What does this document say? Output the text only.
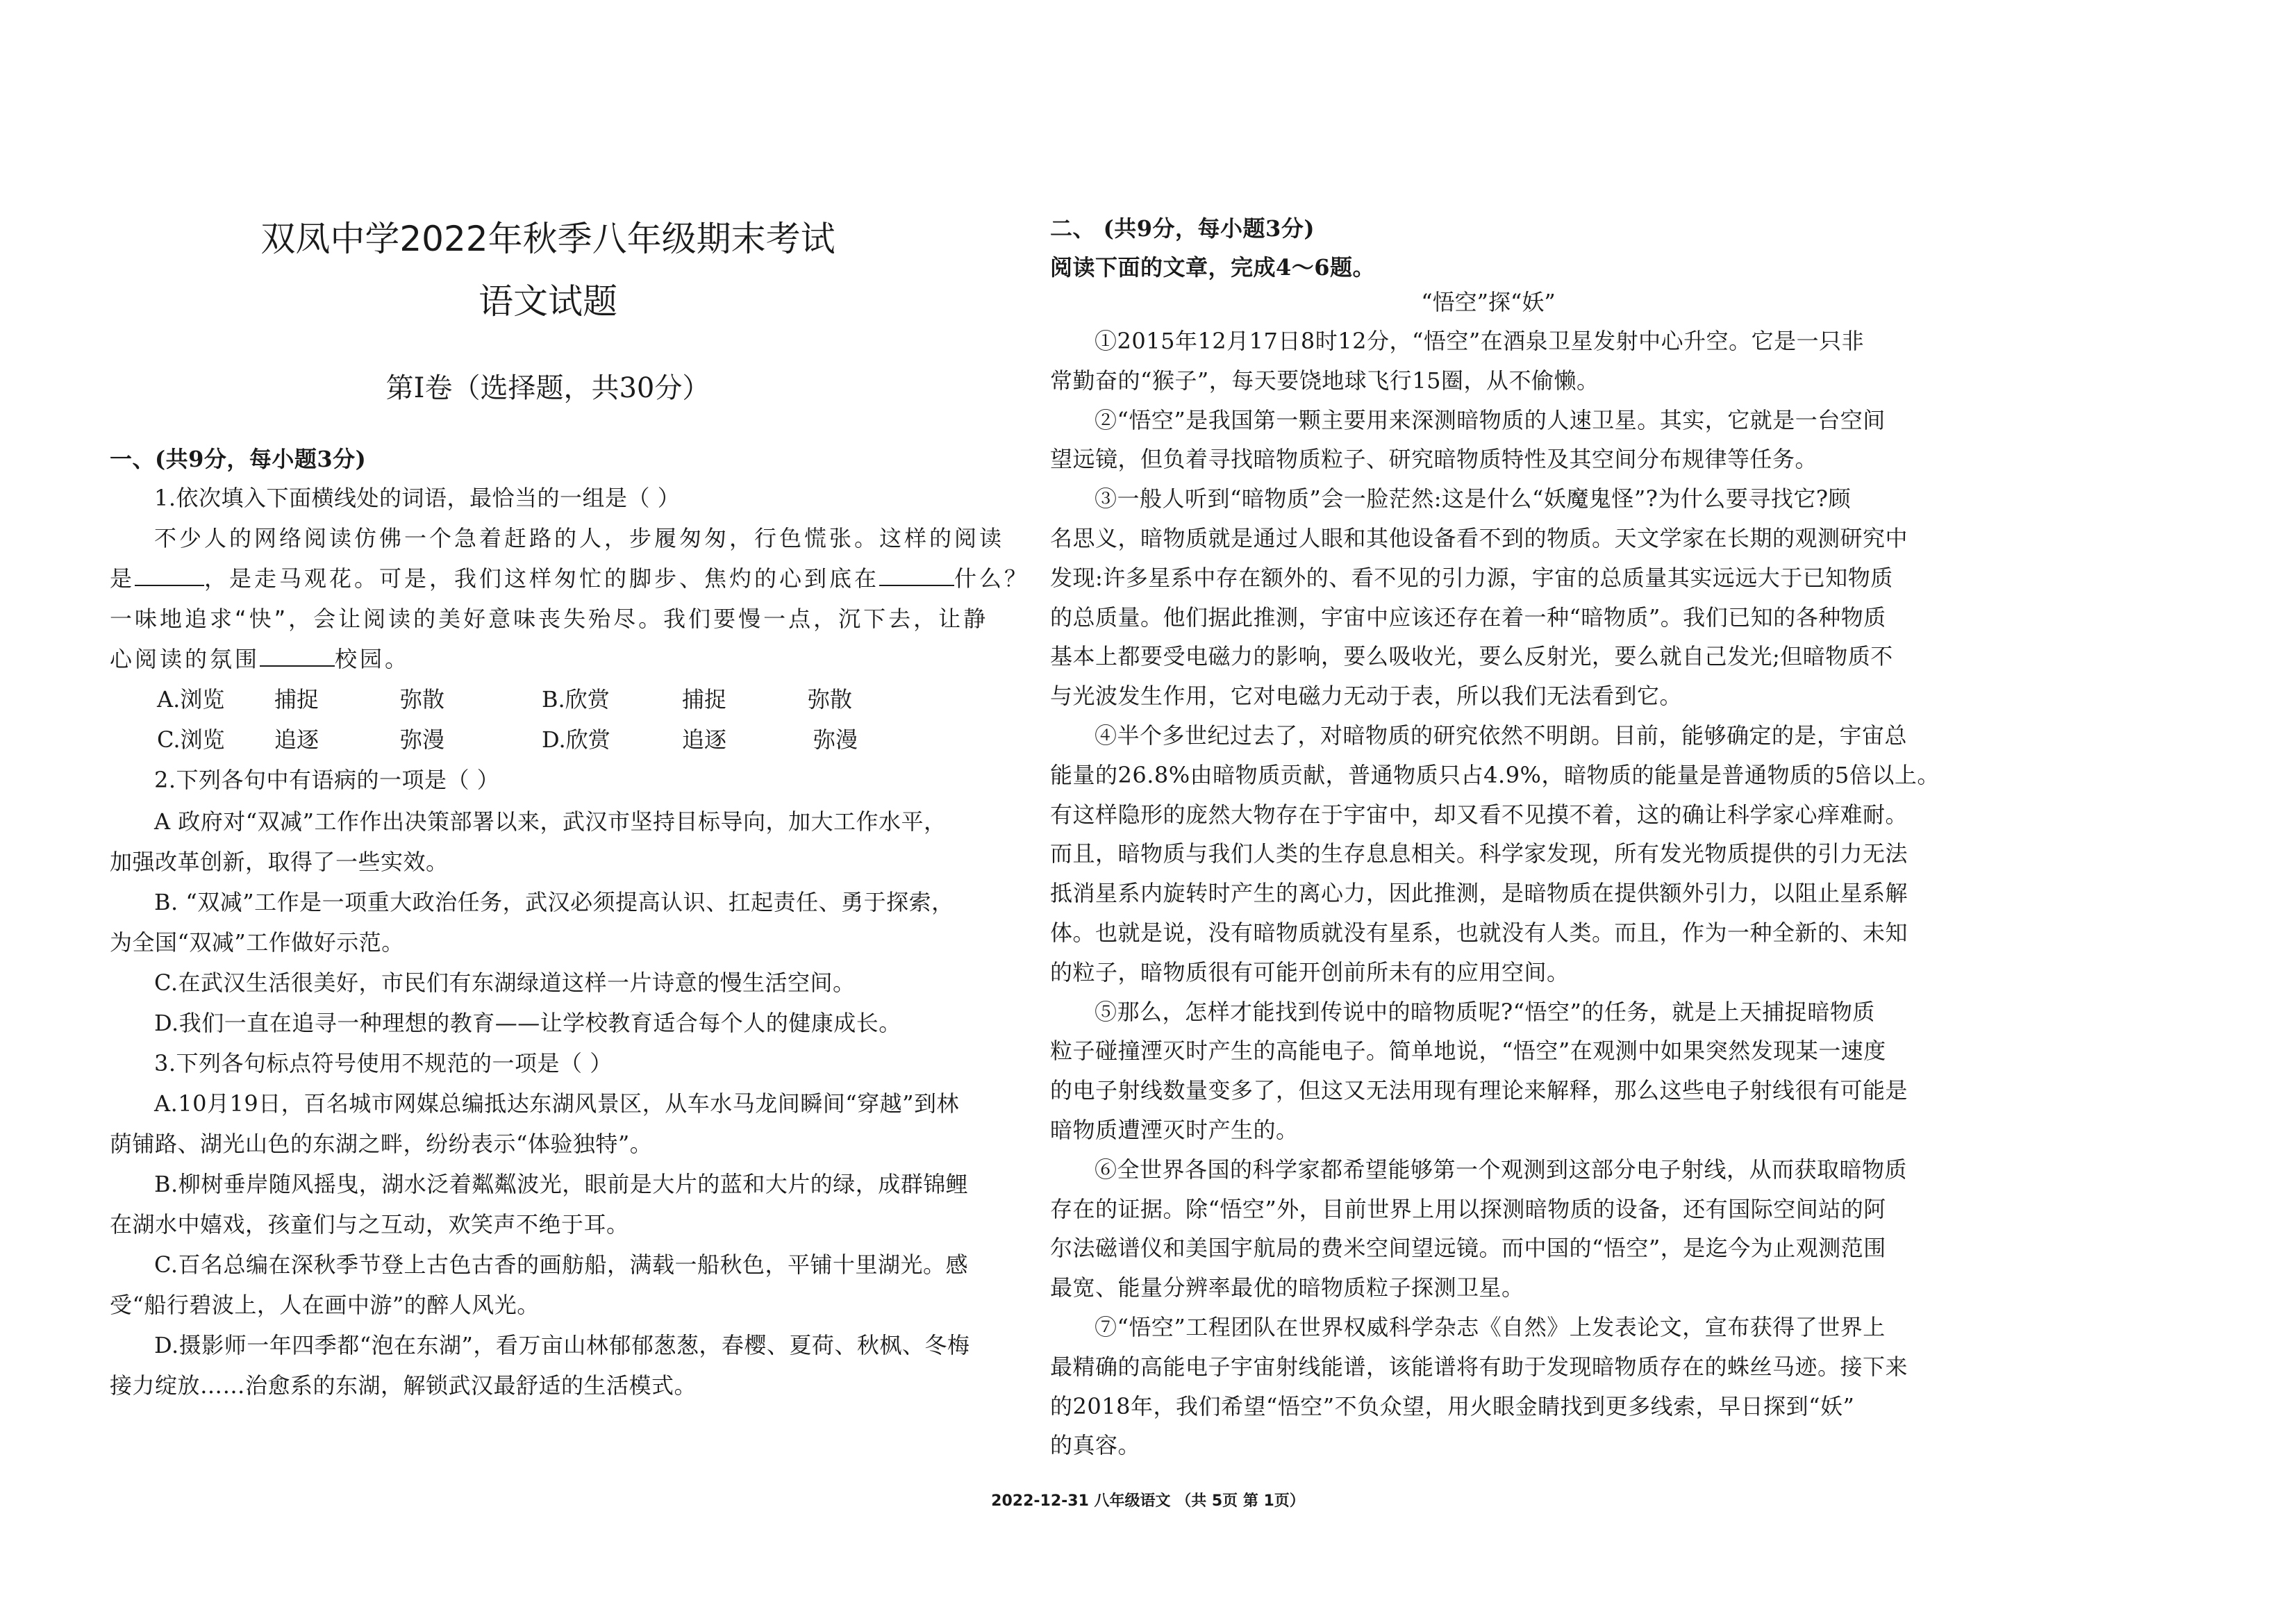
双凤中学2022年秋季八年级期末考试
语文试题
第Ⅰ卷（选择题，共30分）
一、(共9分，每小题3分)
1.依次填入下面横线处的词语，最恰当的一组是（ ）
不少人的网络阅读仿佛一个急着赶路的人，步履匆匆，行色慌张。这样的阅读
是	，是走马观花。可是，我们这样匆忙的脚步、焦灼的心到底在	什么？
一味地追求“快”，会让阅读的美好意味丧失殆尽。我们要慢一点，沉下去，让静
心阅读的氛围	校园。
A.浏览 捕捉	弥散	B.欣赏	捕捉	弥散
C.浏览 追逐	弥漫	D.欣赏	追逐	弥漫
2.下列各句中有语病的一项是（ ）
A 政府对“双减”工作作出决策部署以来，武汉市坚持目标导向，加大工作水平，
加强改革创新，取得了一些实效。
B. “双减”工作是一项重大政治任务，武汉必须提高认识、扛起责任、勇于探索，
为全国“双减”工作做好示范。
C.在武汉生活很美好，市民们有东湖绿道这样一片诗意的慢生活空间。
D.我们一直在追寻一种理想的教育——让学校教育适合每个人的健康成长。
3.下列各句标点符号使用不规范的一项是（ ）
A.10月19日，百名城市网媒总编抵达东湖风景区，从车水马龙间瞬间“穿越”到林
荫铺路、湖光山色的东湖之畔，纷纷表示“体验独特”。
B.柳树垂岸随风摇曳，湖水泛着粼粼波光，眼前是大片的蓝和大片的绿，成群锦鲤
在湖水中嬉戏，孩童们与之互动，欢笑声不绝于耳。
C.百名总编在深秋季节登上古色古香的画舫船，满载一船秋色，平铺十里湖光。感
受“船行碧波上，人在画中游”的醉人风光。
D.摄影师一年四季都“泡在东湖”，看万亩山林郁郁葱葱，春樱、夏荷、秋枫、冬梅
接力绽放……治愈系的东湖，解锁武汉最舒适的生活模式。
二、 (共9分，每小题3分)
阅读下面的文章，完成4～6题。
“悟空”探“妖”
①2015年12月17日8时12分，“悟空”在酒泉卫星发射中心升空。它是一只非
常勤奋的“猴子”，每天要饶地球飞行15圈，从不偷懒。
②“悟空”是我国第一颗主要用来深测暗物质的人速卫星。其实，它就是一台空间
望远镜，但负着寻找暗物质粒子、研究暗物质特性及其空间分布规律等任务。
③一般人听到“暗物质”会一脸茫然:这是什么“妖魔鬼怪”?为什么要寻找它?顾
名思义，暗物质就是通过人眼和其他设备看不到的物质。天文学家在长期的观测研究中
发现:许多星系中存在额外的、看不见的引力源，宇宙的总质量其实远远大于已知物质
的总质量。他们据此推测，宇宙中应该还存在着一种“暗物质”。我们已知的各种物质
基本上都要受电磁力的影响，要么吸收光，要么反射光，要么就自己发光;但暗物质不
与光波发生作用，它对电磁力无动于表，所以我们无法看到它。
④半个多世纪过去了，对暗物质的研究依然不明朗。目前，能够确定的是，宇宙总
能量的26.8%由暗物质贡献，普通物质只占4.9%，暗物质的能量是普通物质的5倍以上。
有这样隐形的庞然大物存在于宇宙中，却又看不见摸不着，这的确让科学家心痒难耐。
而且，暗物质与我们人类的生存息息相关。科学家发现，所有发光物质提供的引力无法
抵消星系内旋转时产生的离心力，因此推测，是暗物质在提供额外引力，以阻止星系解
体。也就是说，没有暗物质就没有星系，也就没有人类。而且，作为一种全新的、未知
的粒子，暗物质很有可能开创前所未有的应用空间。
⑤那么，怎样才能找到传说中的暗物质呢?“悟空”的任务，就是上天捕捉暗物质
粒子碰撞湮灭时产生的高能电子。简单地说，“悟空”在观测中如果突然发现某一速度
的电子射线数量变多了，但这又无法用现有理论来解释，那么这些电子射线很有可能是
暗物质遭湮灭时产生的。
⑥全世界各国的科学家都希望能够第一个观测到这部分电子射线，从而获取暗物质
存在的证据。除“悟空”外，目前世界上用以探测暗物质的设备，还有国际空间站的阿
尔法磁谱仪和美国宇航局的费米空间望远镜。而中国的“悟空”，是迄今为止观测范围
最宽、能量分辨率最优的暗物质粒子探测卫星。
⑦“悟空”工程团队在世界权威科学杂志《自然》上发表论文，宣布获得了世界上
最精确的高能电子宇宙射线能谱，该能谱将有助于发现暗物质存在的蛛丝马迹。接下来
的2018年，我们希望“悟空”不负众望，用火眼金睛找到更多线索，早日探到“妖”
的真容。
2022-12-31 八年级语文 （共 5页 第 1页）
